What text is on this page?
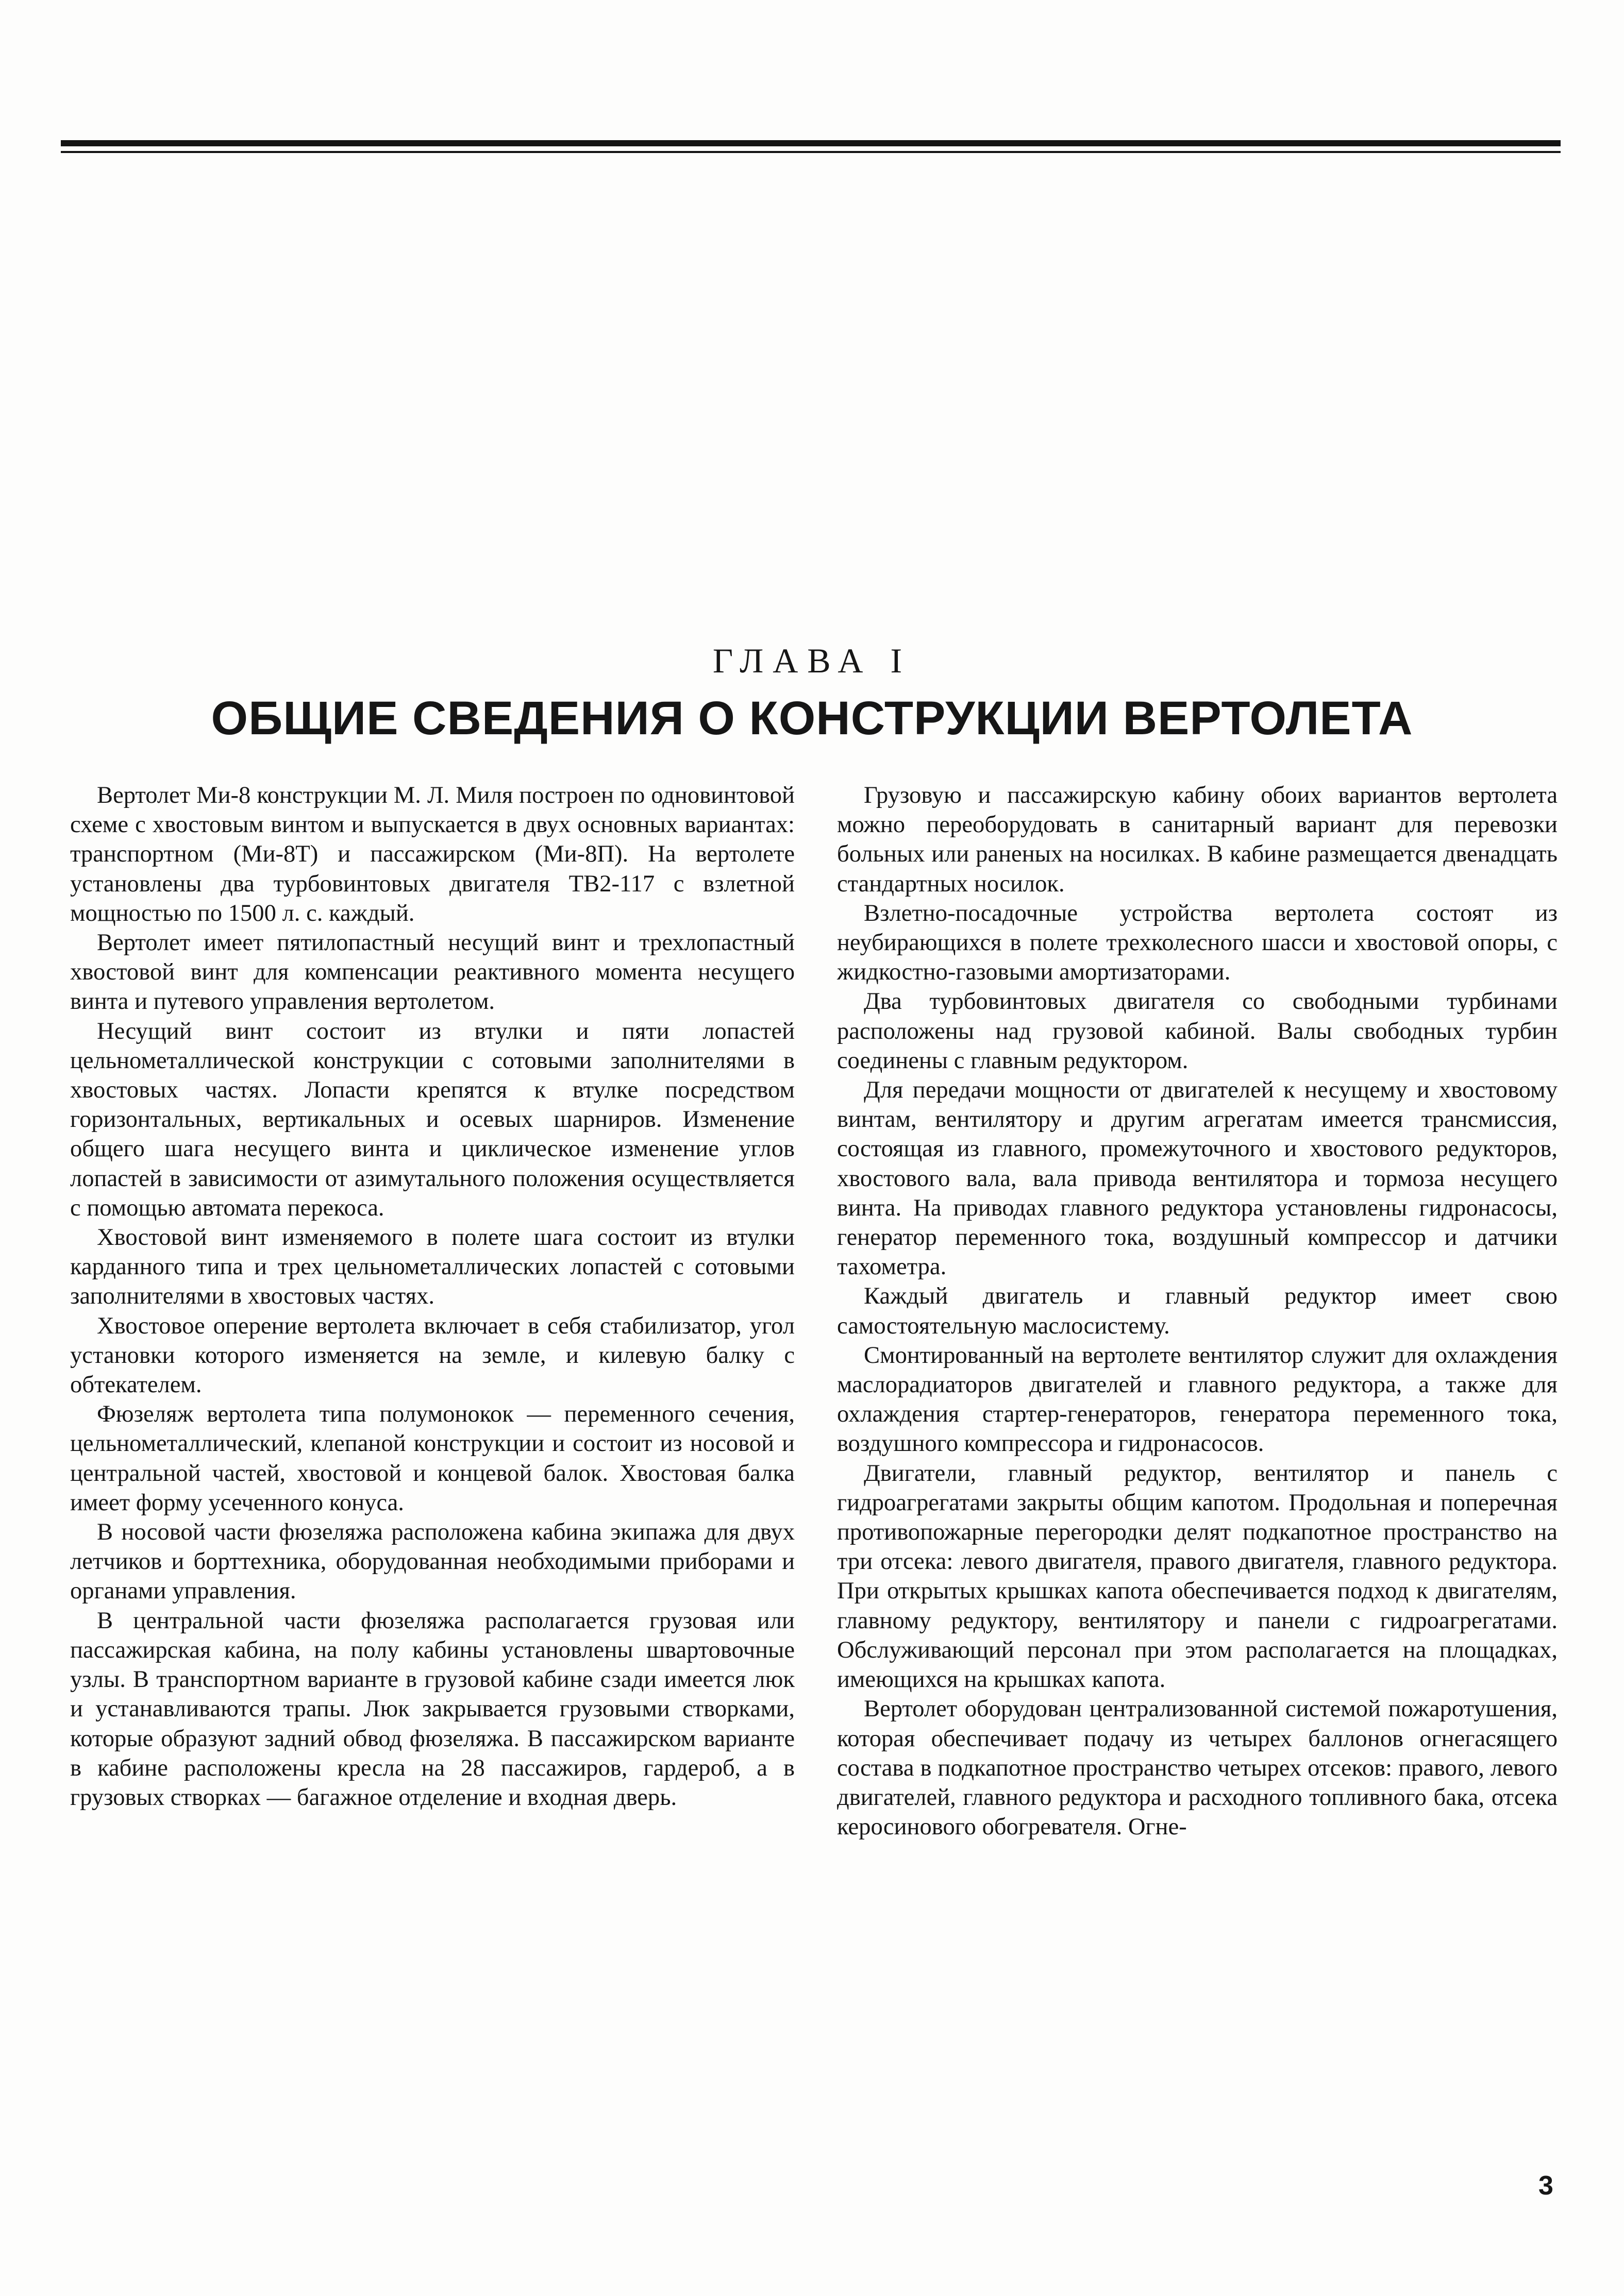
ГЛАВА I
ОБЩИЕ СВЕДЕНИЯ О КОНСТРУКЦИИ ВЕРТОЛЕТА

Вертолет Ми-8 конструкции М. Л. Миля построен по одновинтовой схеме с хвостовым винтом и выпускается в двух основных вариантах: транспортном (Ми-8Т) и пассажирском (Ми-8П). На вертолете установлены два турбовинтовых двигателя ТВ2-117 с взлетной мощностью по 1500 л. с. каждый.

Вертолет имеет пятилопастный несущий винт и трехлопастный хвостовой винт для компенсации реактивного момента несущего винта и путевого управления вертолетом.

Несущий винт состоит из втулки и пяти лопастей цельнометаллической конструкции с сотовыми заполнителями в хвостовых частях. Лопасти крепятся к втулке посредством горизонтальных, вертикальных и осевых шарниров. Изменение общего шага несущего винта и циклическое изменение углов лопастей в зависимости от азимутального положения осуществляется с помощью автомата перекоса.

Хвостовой винт изменяемого в полете шага состоит из втулки карданного типа и трех цельнометаллических лопастей с сотовыми заполнителями в хвостовых частях.

Хвостовое оперение вертолета включает в себя стабилизатор, угол установки которого изменяется на земле, и килевую балку с обтекателем.

Фюзеляж вертолета типа полумонокок — переменного сечения, цельнометаллический, клепаной конструкции и состоит из носовой и центральной частей, хвостовой и концевой балок. Хвостовая балка имеет форму усеченного конуса.

В носовой части фюзеляжа расположена кабина экипажа для двух летчиков и борттехника, оборудованная необходимыми приборами и органами управления.

В центральной части фюзеляжа располагается грузовая или пассажирская кабина, на полу кабины установлены швартовочные узлы. В транспортном варианте в грузовой кабине сзади имеется люк и устанавливаются трапы. Люк закрывается грузовыми створками, которые образуют задний обвод фюзеляжа. В пассажирском варианте в кабине расположены кресла на 28 пассажиров, гардероб, а в грузовых створках — багажное отделение и входная дверь.

Грузовую и пассажирскую кабину обоих вариантов вертолета можно переоборудовать в санитарный вариант для перевозки больных или раненых на носилках. В кабине размещается двенадцать стандартных носилок.

Взлетно-посадочные устройства вертолета состоят из неубирающихся в полете трехколесного шасси и хвостовой опоры, с жидкостно-газовыми амортизаторами.

Два турбовинтовых двигателя со свободными турбинами расположены над грузовой кабиной. Валы свободных турбин соединены с главным редуктором.

Для передачи мощности от двигателей к несущему и хвостовому винтам, вентилятору и другим агрегатам имеется трансмиссия, состоящая из главного, промежуточного и хвостового редукторов, хвостового вала, вала привода вентилятора и тормоза несущего винта. На приводах главного редуктора установлены гидронасосы, генератор переменного тока, воздушный компрессор и датчики тахометра.

Каждый двигатель и главный редуктор имеет свою самостоятельную маслосистему.

Смонтированный на вертолете вентилятор служит для охлаждения маслорадиаторов двигателей и главного редуктора, а также для охлаждения стартер-генераторов, генератора переменного тока, воздушного компрессора и гидронасосов.

Двигатели, главный редуктор, вентилятор и панель с гидроагрегатами закрыты общим капотом. Продольная и поперечная противопожарные перегородки делят подкапотное пространство на три отсека: левого двигателя, правого двигателя, главного редуктора. При открытых крышках капота обеспечивается подход к двигателям, главному редуктору, вентилятору и панели с гидроагрегатами. Обслуживающий персонал при этом располагается на площадках, имеющихся на крышках капота.

Вертолет оборудован централизованной системой пожаротушения, которая обеспечивает подачу из четырех баллонов огнегасящего состава в подкапотное пространство четырех отсеков: правого, левого двигателей, главного редуктора и расходного топливного бака, отсека керосинового обогревателя. Огне-

3
